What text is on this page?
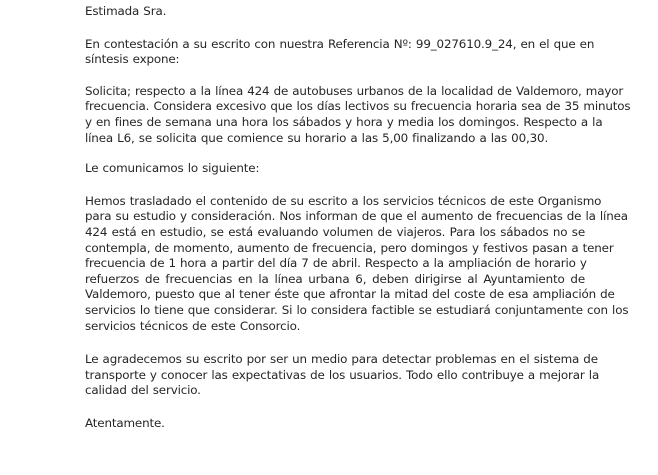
Estimada Sra.

En contestación a su escrito con nuestra Referencia Nº: 99_027610.9_24, en el que en
síntesis expone:

Solicita; respecto a la línea 424 de autobuses urbanos de la localidad de Valdemoro, mayor
frecuencia. Considera excesivo que los días lectivos su frecuencia horaria sea de 35 minutos
y en fines de semana una hora los sábados y hora y media los domingos. Respecto a la
línea L6, se solicita que comience su horario a las 5,00 finalizando a las 00,30.

Le comunicamos lo siguiente:

Hemos trasladado el contenido de su escrito a los servicios técnicos de este Organismo
para su estudio y consideración. Nos informan de que el aumento de frecuencias de la línea
424 está en estudio, se está evaluando volumen de viajeros. Para los sábados no se
contempla, de momento, aumento de frecuencia, pero domingos y festivos pasan a tener
frecuencia de 1 hora a partir del día 7 de abril. Respecto a la ampliación de horario y
refuerzos de frecuencias en la línea urbana 6, deben dirigirse al Ayuntamiento de
Valdemoro, puesto que al tener éste que afrontar la mitad del coste de esa ampliación de
servicios lo tiene que considerar. Si lo considera factible se estudiará conjuntamente con los
servicios técnicos de este Consorcio.

Le agradecemos su escrito por ser un medio para detectar problemas en el sistema de
transporte y conocer las expectativas de los usuarios. Todo ello contribuye a mejorar la
calidad del servicio.

Atentamente.
